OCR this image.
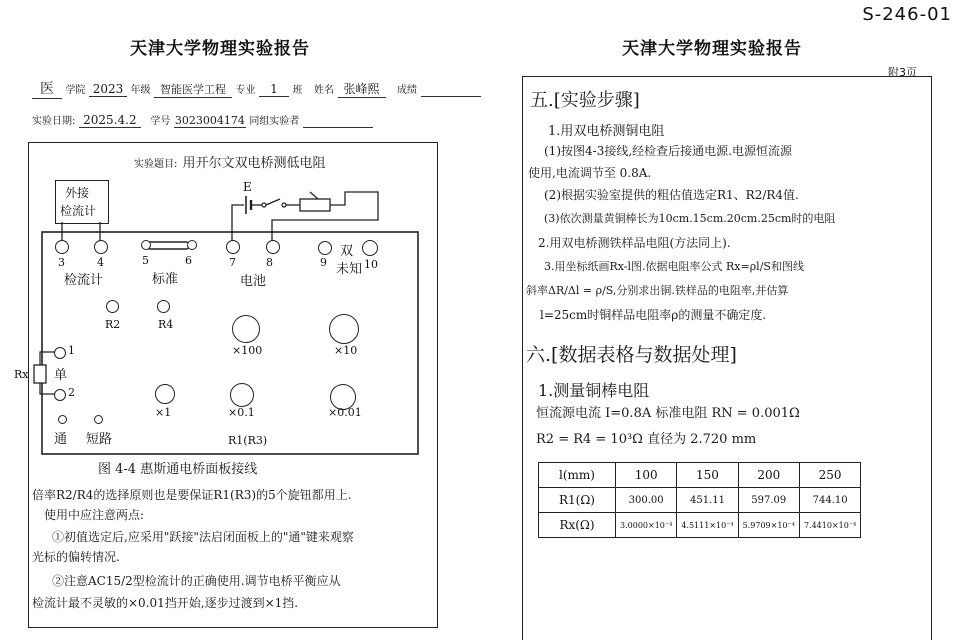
S-246-01
天津大学物理实验报告
医 学院 2023 年级 智能医学工程 专业 1 班 姓名 张峰熙 成绩
实验日期: 2025.4.2 学号 3023004174 同组实验者
实验题目: 用开尔文双电桥测低电阻
外接
检流计
3	4
检流计
5	6
标准
7	8
电池
9
双
10
未知
E
R2	R4
×100	×10
1
2
单
Rx
×1	×0.1	×0.01
通 短路	R1(R3)
图 4-4 惠斯通电桥面板接线
倍率R2/R4的选择原则也是要保证R1(R3)的5个旋钮都用上.
使用中应注意两点:
①初值选定后,应采用"跃接"法启闭面板上的"通"键来观察
光标的偏转情况.
②注意AC15/2型检流计的正确使用.调节电桥平衡应从
检流计最不灵敏的×0.01挡开始,逐步过渡到×1挡.
天津大学物理实验报告
附3页
五.[实验步骤]
1.用双电桥测铜电阻
(1)按图4-3接线,经检查后接通电源.电源恒流源
使用,电流调节至 0.8A.
(2)根据实验室提供的粗估值选定R1、R2/R4值.
(3)依次测量黄铜棒长为10cm.15cm.20cm.25cm时的电阻
2.用双电桥测铁样品电阻(方法同上).
3.用坐标纸画Rx-l图.依据电阻率公式 Rx=ρl/S和图线
斜率ΔR/Δl = ρ/S,分别求出铜.铁样品的电阻率,并估算
l=25cm时铜样品电阻率ρ的测量不确定度.
六.[数据表格与数据处理]
1.测量铜棒电阻
恒流源电流 I=0.8A 标准电阻 RN = 0.001Ω
R2 = R4 = 10³Ω 直径为 2.720 mm
l(mm)	100	150	200	250
R1(Ω)	300.00	451.11	597.09	744.10
Rx(Ω)	3.0000×10⁻⁴	4.5111×10⁻⁴	5.9709×10⁻⁴	7.4410×10⁻⁴
